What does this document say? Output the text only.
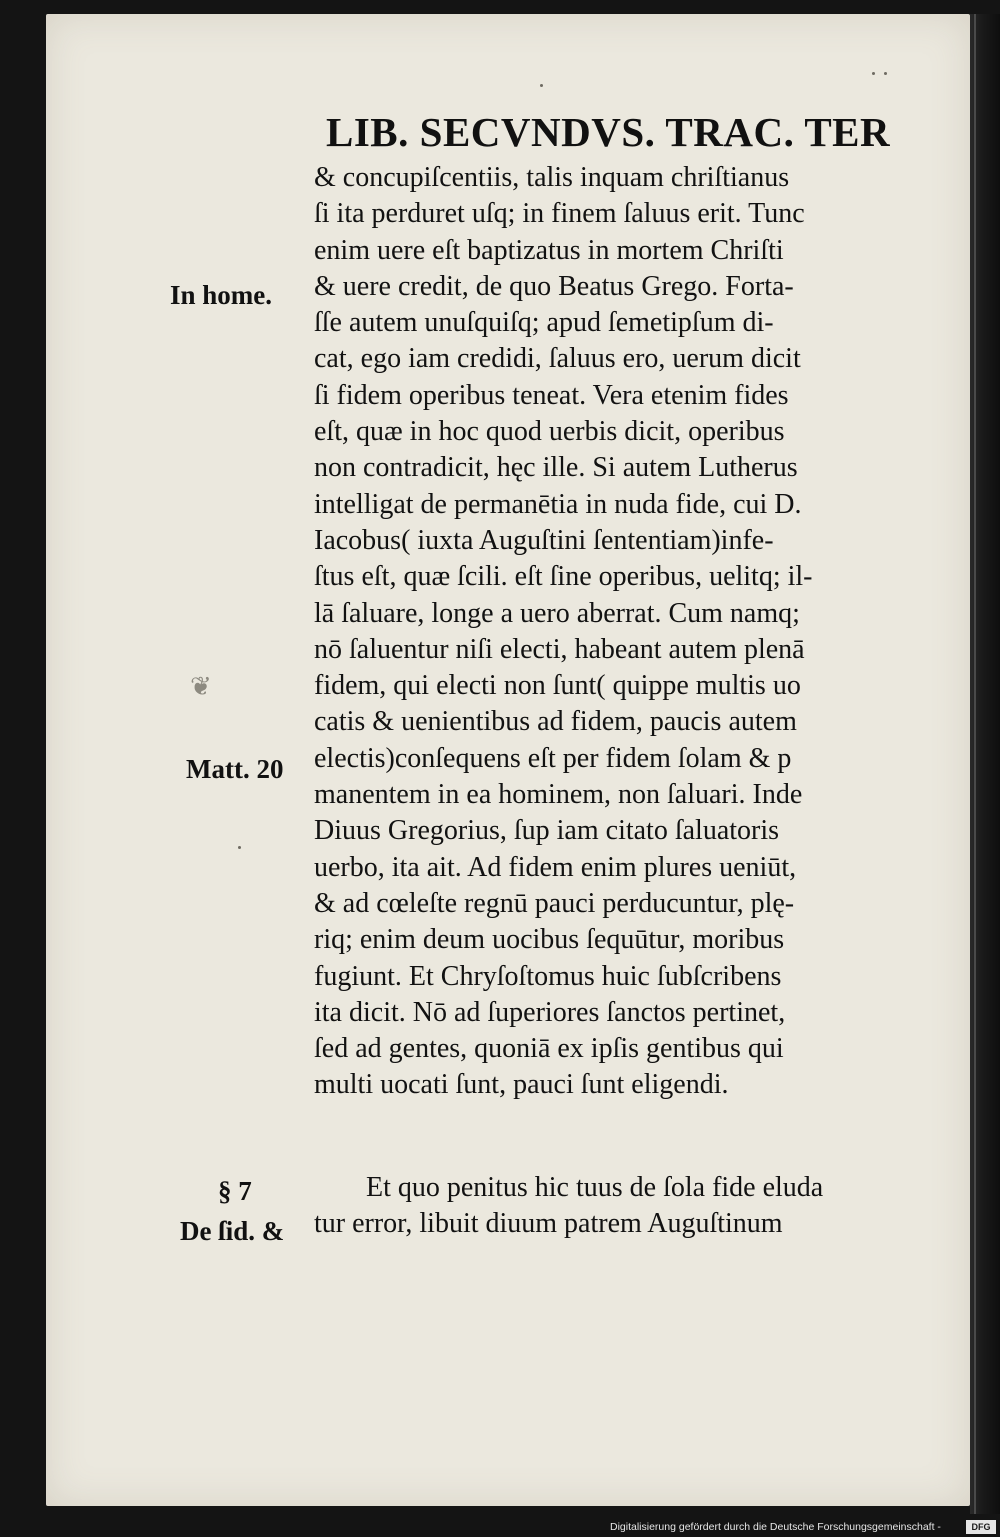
LIB. SECVNDVS. TRAC. TER
& concupiſcentiis, talis inquam chriſtianus
ſi ita perduret uſq; in finem ſaluus erit. Tunc
enim uere eſt baptizatus in mortem Chriſti
& uere credit, de quo Beatus Grego. Forta-
ſſe autem unuſquiſq; apud ſemetipſum di-
cat, ego iam credidi, ſaluus ero, uerum dicit
ſi fidem operibus teneat. Vera etenim fides
eſt, quæ in hoc quod uerbis dicit, operibus
non contradicit, hęc ille. Si autem Lutherus
intelligat de permanētia in nuda fide, cui D.
Iacobus( iuxta Auguſtini ſententiam)infe-
ſtus eſt, quæ ſcili. eſt ſine operibus, uelitq; il-
lā ſaluare, longe a uero aberrat. Cum namq;
nō ſaluentur niſi electi, habeant autem plenā
fidem, qui electi non ſunt( quippe multis uo
catis & uenientibus ad fidem, paucis autem
electis)conſequens eſt per fidem ſolam & p
manentem in ea hominem, non ſaluari. Inde
Diuus Gregorius, ſup iam citato ſaluatoris
uerbo, ita ait. Ad fidem enim plures ueniūt,
& ad cœleſte regnū pauci perducuntur, plę-
riq; enim deum uocibus ſequūtur, moribus
fugiunt. Et Chryſoſtomus huic ſubſcribens
ita dicit. Nō ad ſuperiores ſanctos pertinet,
ſed ad gentes, quoniā ex ipſis gentibus qui
multi uocati ſunt, pauci ſunt eligendi.
Et quo penitus hic tuus de ſola fide eluda
tur error, libuit diuum patrem Auguſtinum
In home.
Matt. 20
§ 7
De ſid. &
❦
Digitalisierung gefördert durch die Deutsche Forschungsgemeinschaft -	DFG
